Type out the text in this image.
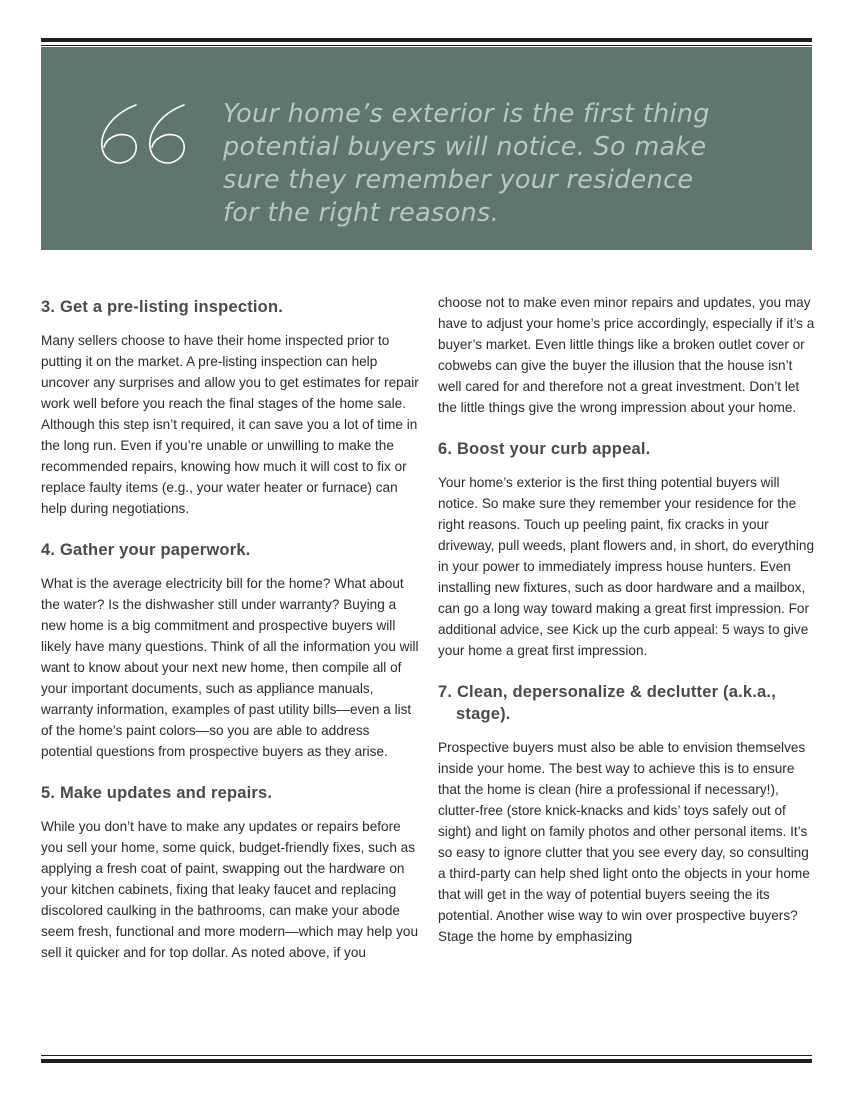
Your home’s exterior is the first thing
potential buyers will notice. So make
sure they remember your residence
for the right reasons.
3. Get a pre-listing inspection.

Many sellers choose to have their home inspected prior to putting it on the market. A pre-listing inspection can help uncover any surprises and allow you to get estimates for repair work well before you reach the final stages of the home sale. Although this step isn’t required, it can save you a lot of time in the long run. Even if you’re unable or unwilling to make the recommended repairs, knowing how much it will cost to fix or replace faulty items (e.g., your water heater or furnace) can help during negotiations.

4. Gather your paperwork.

What is the average electricity bill for the home? What about the water? Is the dishwasher still under warranty? Buying a new home is a big commitment and prospective buyers will likely have many questions. Think of all the information you will want to know about your next new home, then compile all of your important documents, such as appliance manuals, warranty information, examples of past utility bills—even a list of the home’s paint colors—so you are able to address potential questions from prospective buyers as they arise.

5. Make updates and repairs.

While you don’t have to make any updates or repairs before you sell your home, some quick, budget-friendly fixes, such as applying a fresh coat of paint, swapping out the hardware on your kitchen cabinets, fixing that leaky faucet and replacing discolored caulking in the bathrooms, can make your abode seem fresh, functional and more modern—which may help you sell it quicker and for top dollar. As noted above, if you

choose not to make even minor repairs and updates, you may have to adjust your home’s price accordingly, especially if it’s a buyer’s market. Even little things like a broken outlet cover or cobwebs can give the buyer the illusion that the house isn’t well cared for and therefore not a great investment. Don’t let the little things give the wrong impression about your home.

6. Boost your curb appeal.

Your home’s exterior is the first thing potential buyers will notice. So make sure they remember your residence for the right reasons. Touch up peeling paint, fix cracks in your driveway, pull weeds, plant flowers and, in short, do everything in your power to immediately impress house hunters. Even installing new fixtures, such as door hardware and a mailbox, can go a long way toward making a great first impression. For additional advice, see Kick up the curb appeal: 5 ways to give your home a great first impression.

7. Clean, depersonalize & declutter (a.k.a., stage).

Prospective buyers must also be able to envision themselves inside your home. The best way to achieve this is to ensure that the home is clean (hire a professional if necessary!), clutter-free (store knick-knacks and kids’ toys safely out of sight) and light on family photos and other personal items. It’s so easy to ignore clutter that you see every day, so consulting a third-party can help shed light onto the objects in your home that will get in the way of potential buyers seeing the its potential. Another wise way to win over prospective buyers? Stage the home by emphasizing
